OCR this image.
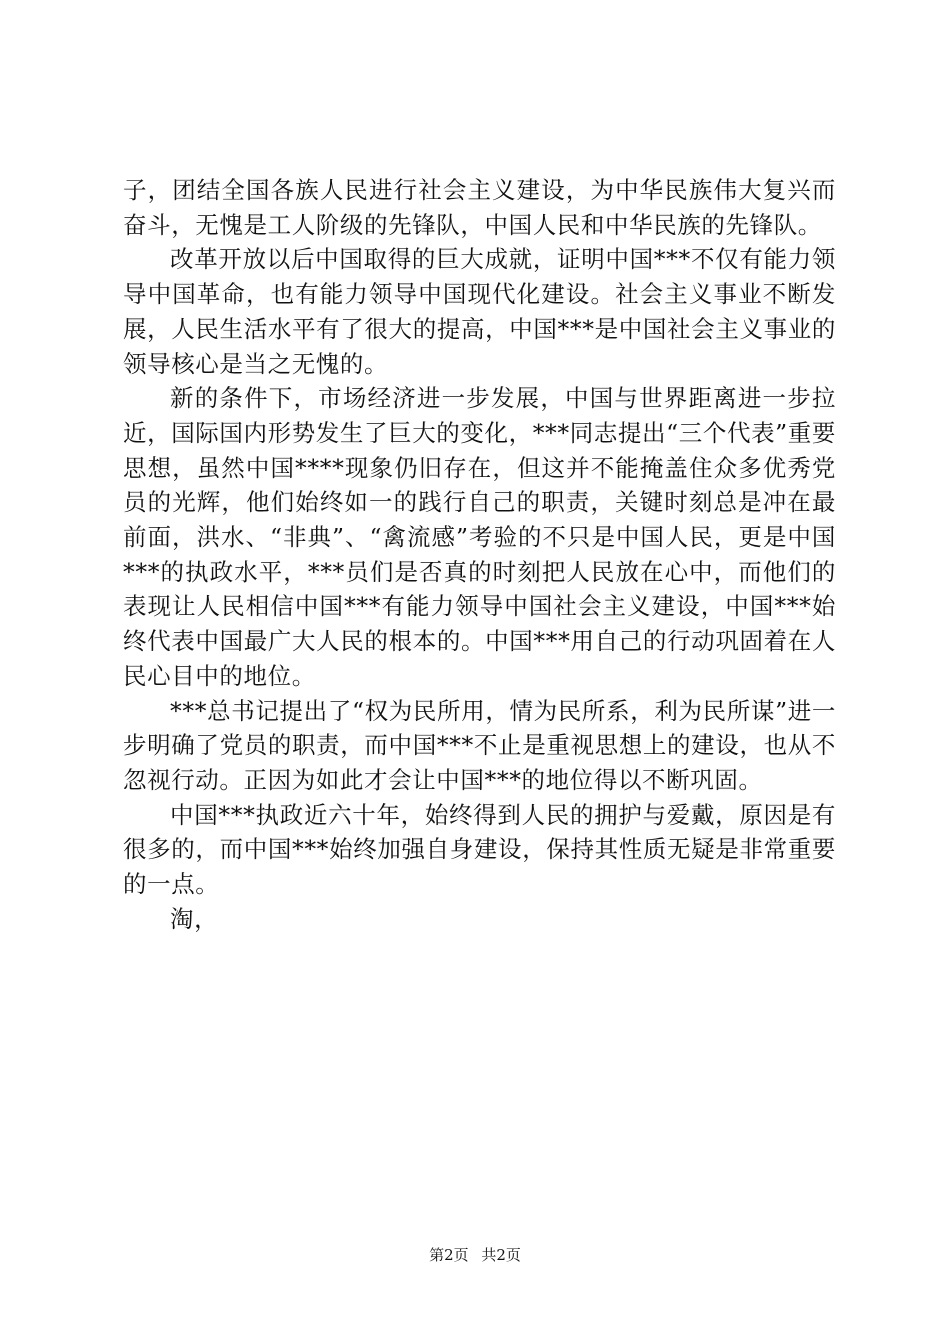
子，团结全国各族人民进行社会主义建设，为中华民族伟大复兴而奋斗，无愧是工人阶级的先锋队，中国人民和中华民族的先锋队。

改革开放以后中国取得的巨大成就，证明中国***不仅有能力领导中国革命，也有能力领导中国现代化建设。社会主义事业不断发展，人民生活水平有了很大的提高，中国***是中国社会主义事业的领导核心是当之无愧的。

新的条件下，市场经济进一步发展，中国与世界距离进一步拉近，国际国内形势发生了巨大的变化，***同志提出“三个代表”重要思想，虽然中国****现象仍旧存在，但这并不能掩盖住众多优秀党员的光辉，他们始终如一的践行自己的职责，关键时刻总是冲在最前面，洪水、“非典”、“禽流感”考验的不只是中国人民，更是中国***的执政水平，***员们是否真的时刻把人民放在心中，而他们的表现让人民相信中国***有能力领导中国社会主义建设，中国***始终代表中国最广大人民的根本的。中国***用自己的行动巩固着在人民心目中的地位。

***总书记提出了“权为民所用，情为民所系，利为民所谋”进一步明确了党员的职责，而中国***不止是重视思想上的建设，也从不忽视行动。正因为如此才会让中国***的地位得以不断巩固。

中国***执政近六十年，始终得到人民的拥护与爱戴，原因是有很多的，而中国***始终加强自身建设，保持其性质无疑是非常重要的一点。

淘，

第2页 共2页
